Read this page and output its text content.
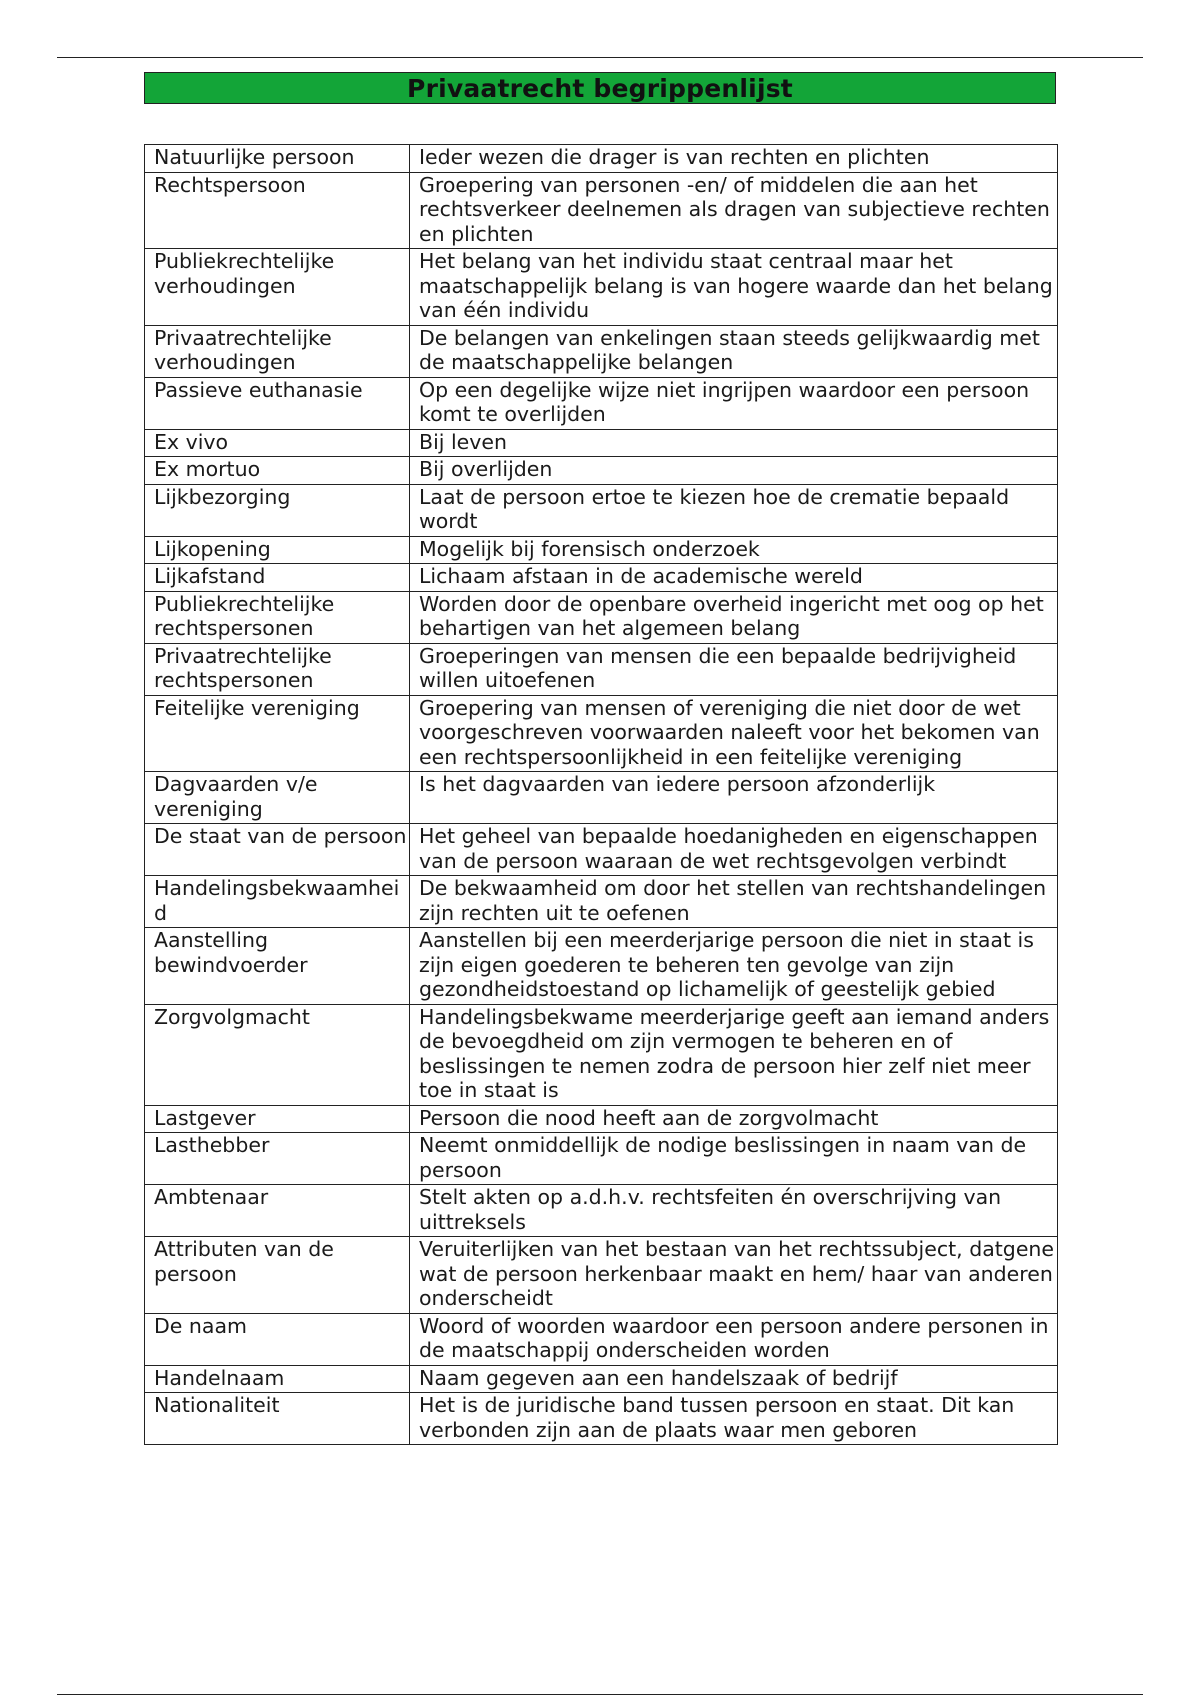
Privaatrecht begrippenlijst
Natuurlijke persoon	Ieder wezen die drager is van rechten en plichten
Rechtspersoon	Groepering van personen -en/ of middelen die aan het rechtsverkeer deelnemen als dragen van subjectieve rechten en plichten
Publiekrechtelijke verhoudingen	Het belang van het individu staat centraal maar het maatschappelijk belang is van hogere waarde dan het belang van één individu
Privaatrechtelijke verhoudingen	De belangen van enkelingen staan steeds gelijkwaardig met de maatschappelijke belangen
Passieve euthanasie	Op een degelijke wijze niet ingrijpen waardoor een persoon komt te overlijden
Ex vivo	Bij leven
Ex mortuo	Bij overlijden
Lijkbezorging	Laat de persoon ertoe te kiezen hoe de crematie bepaald wordt
Lijkopening	Mogelijk bij forensisch onderzoek
Lijkafstand	Lichaam afstaan in de academische wereld
Publiekrechtelijke rechtspersonen	Worden door de openbare overheid ingericht met oog op het behartigen van het algemeen belang
Privaatrechtelijke rechtspersonen	Groeperingen van mensen die een bepaalde bedrijvigheid willen uitoefenen
Feitelijke vereniging	Groepering van mensen of vereniging die niet door de wet voorgeschreven voorwaarden naleeft voor het bekomen van een rechtspersoonlijkheid in een feitelijke vereniging
Dagvaarden v/e vereniging	Is het dagvaarden van iedere persoon afzonderlijk
De staat van de persoon	Het geheel van bepaalde hoedanigheden en eigenschappen van de persoon waaraan de wet rechtsgevolgen verbindt
Handelingsbekwaamheid	De bekwaamheid om door het stellen van rechtshandelingen zijn rechten uit te oefenen
Aanstelling bewindvoerder	Aanstellen bij een meerderjarige persoon die niet in staat is zijn eigen goederen te beheren ten gevolge van zijn gezondheidstoestand op lichamelijk of geestelijk gebied
Zorgvolgmacht	Handelingsbekwame meerderjarige geeft aan iemand anders de bevoegdheid om zijn vermogen te beheren en of beslissingen te nemen zodra de persoon hier zelf niet meer toe in staat is
Lastgever	Persoon die nood heeft aan de zorgvolmacht
Lasthebber	Neemt onmiddellijk de nodige beslissingen in naam van de persoon
Ambtenaar	Stelt akten op a.d.h.v. rechtsfeiten én overschrijving van uittreksels
Attributen van de persoon	Veruiterlijken van het bestaan van het rechtssubject, datgene wat de persoon herkenbaar maakt en hem/ haar van anderen onderscheidt
De naam	Woord of woorden waardoor een persoon andere personen in de maatschappij onderscheiden worden
Handelnaam	Naam gegeven aan een handelszaak of bedrijf
Nationaliteit	Het is de juridische band tussen persoon en staat. Dit kan verbonden zijn aan de plaats waar men geboren
